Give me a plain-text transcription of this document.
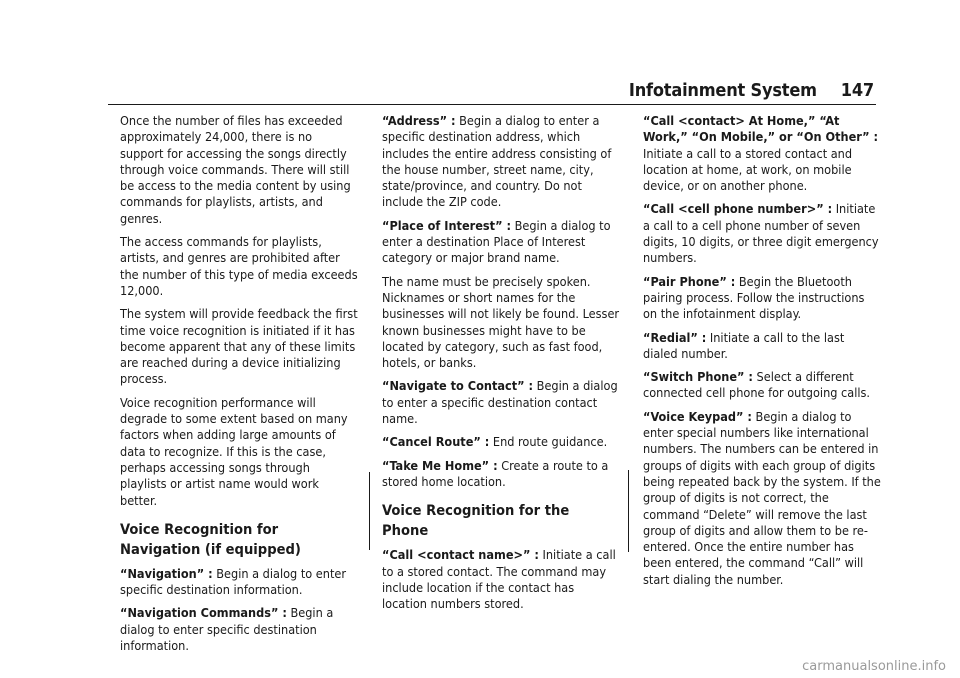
Infotainment System 147

Once the number of files has exceeded approximately 24,000, there is no support for accessing the songs directly through voice commands. There will still be access to the media content by using commands for playlists, artists, and genres.

The access commands for playlists, artists, and genres are prohibited after the number of this type of media exceeds 12,000.

The system will provide feedback the first time voice recognition is initiated if it has become apparent that any of these limits are reached during a device initializing process.

Voice recognition performance will degrade to some extent based on many factors when adding large amounts of data to recognize. If this is the case, perhaps accessing songs through playlists or artist name would work better.

Voice Recognition for Navigation (if equipped)

“Navigation” : Begin a dialog to enter specific destination information.

“Navigation Commands” : Begin a dialog to enter specific destination information.

“Address” : Begin a dialog to enter a specific destination address, which includes the entire address consisting of the house number, street name, city, state/province, and country. Do not include the ZIP code.

“Place of Interest” : Begin a dialog to enter a destination Place of Interest category or major brand name.

The name must be precisely spoken. Nicknames or short names for the businesses will not likely be found. Lesser known businesses might have to be located by category, such as fast food, hotels, or banks.

“Navigate to Contact” : Begin a dialog to enter a specific destination contact name.

“Cancel Route” : End route guidance.

“Take Me Home” : Create a route to a stored home location.

Voice Recognition for the Phone

“Call <contact name>” : Initiate a call to a stored contact. The command may include location if the contact has location numbers stored.

“Call <contact> At Home,” “At Work,” “On Mobile,” or “On Other” : Initiate a call to a stored contact and location at home, at work, on mobile device, or on another phone.

“Call <cell phone number>” : Initiate a call to a cell phone number of seven digits, 10 digits, or three digit emergency numbers.

“Pair Phone” : Begin the Bluetooth pairing process. Follow the instructions on the infotainment display.

“Redial” : Initiate a call to the last dialed number.

“Switch Phone” : Select a different connected cell phone for outgoing calls.

“Voice Keypad” : Begin a dialog to enter special numbers like international numbers. The numbers can be entered in groups of digits with each group of digits being repeated back by the system. If the group of digits is not correct, the command “Delete” will remove the last group of digits and allow them to be re-entered. Once the entire number has been entered, the command “Call” will start dialing the number.

carmanualsonline.info
